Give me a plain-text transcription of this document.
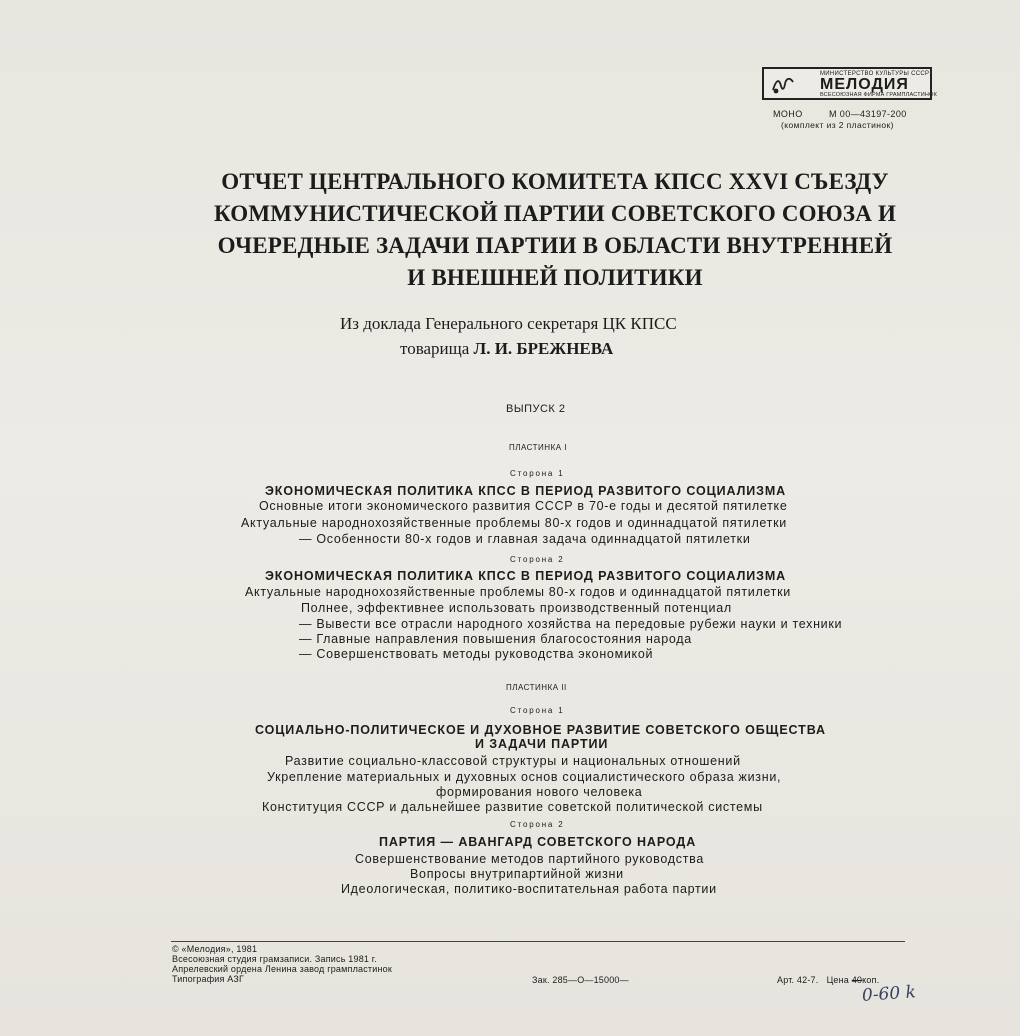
МИНИСТЕРСТВО КУЛЬТУРЫ СССР
МЕЛОДИЯ
ВСЕСОЮЗНАЯ ФИРМА ГРАМПЛАСТИНОК
МОНО	М 00—43197-200
(комплект из 2 пластинок)
ОТЧЕТ ЦЕНТРАЛЬНОГО КОМИТЕТА КПСС XXVI СЪЕЗДУ
КОММУНИСТИЧЕСКОЙ ПАРТИИ СОВЕТСКОГО СОЮЗА И
ОЧЕРЕДНЫЕ ЗАДАЧИ ПАРТИИ В ОБЛАСТИ ВНУТРЕННЕЙ
И ВНЕШНЕЙ ПОЛИТИКИ
Из доклада Генерального секретаря ЦК КПСС
товарища Л. И. БРЕЖНЕВА
ВЫПУСК 2
ПЛАСТИНКА I
Сторона 1
ЭКОНОМИЧЕСКАЯ ПОЛИТИКА КПСС В ПЕРИОД РАЗВИТОГО СОЦИАЛИЗМА
Основные итоги экономического развития СССР в 70-е годы и десятой пятилетке
Актуальные народнохозяйственные проблемы 80-х годов и одиннадцатой пятилетки
— Особенности 80-х годов и главная задача одиннадцатой пятилетки
Сторона 2
ЭКОНОМИЧЕСКАЯ ПОЛИТИКА КПСС В ПЕРИОД РАЗВИТОГО СОЦИАЛИЗМА
Актуальные народнохозяйственные проблемы 80-х годов и одиннадцатой пятилетки
Полнее, эффективнее использовать производственный потенциал
— Вывести все отрасли народного хозяйства на передовые рубежи науки и техники
— Главные направления повышения благосостояния народа
— Совершенствовать методы руководства экономикой
ПЛАСТИНКА II
Сторона 1
СОЦИАЛЬНО-ПОЛИТИЧЕСКОЕ И ДУХОВНОЕ РАЗВИТИЕ СОВЕТСКОГО ОБЩЕСТВА
И ЗАДАЧИ ПАРТИИ
Развитие социально-классовой структуры и национальных отношений
Укрепление материальных и духовных основ социалистического образа жизни,
формирования нового человека
Конституция СССР и дальнейшее развитие советской политической системы
Сторона 2
ПАРТИЯ — АВАНГАРД СОВЕТСКОГО НАРОДА
Совершенствование методов партийного руководства
Вопросы внутрипартийной жизни
Идеологическая, политико-воспитательная работа партии
© «Мелодия», 1981
Всесоюзная студия грамзаписи. Запись 1981 г.
Апрелевский ордена Ленина завод грампластинок
Типография АЗГ	Зак. 285—О—15000—	Арт. 42-7. Цена 40коп.
0-60 k
